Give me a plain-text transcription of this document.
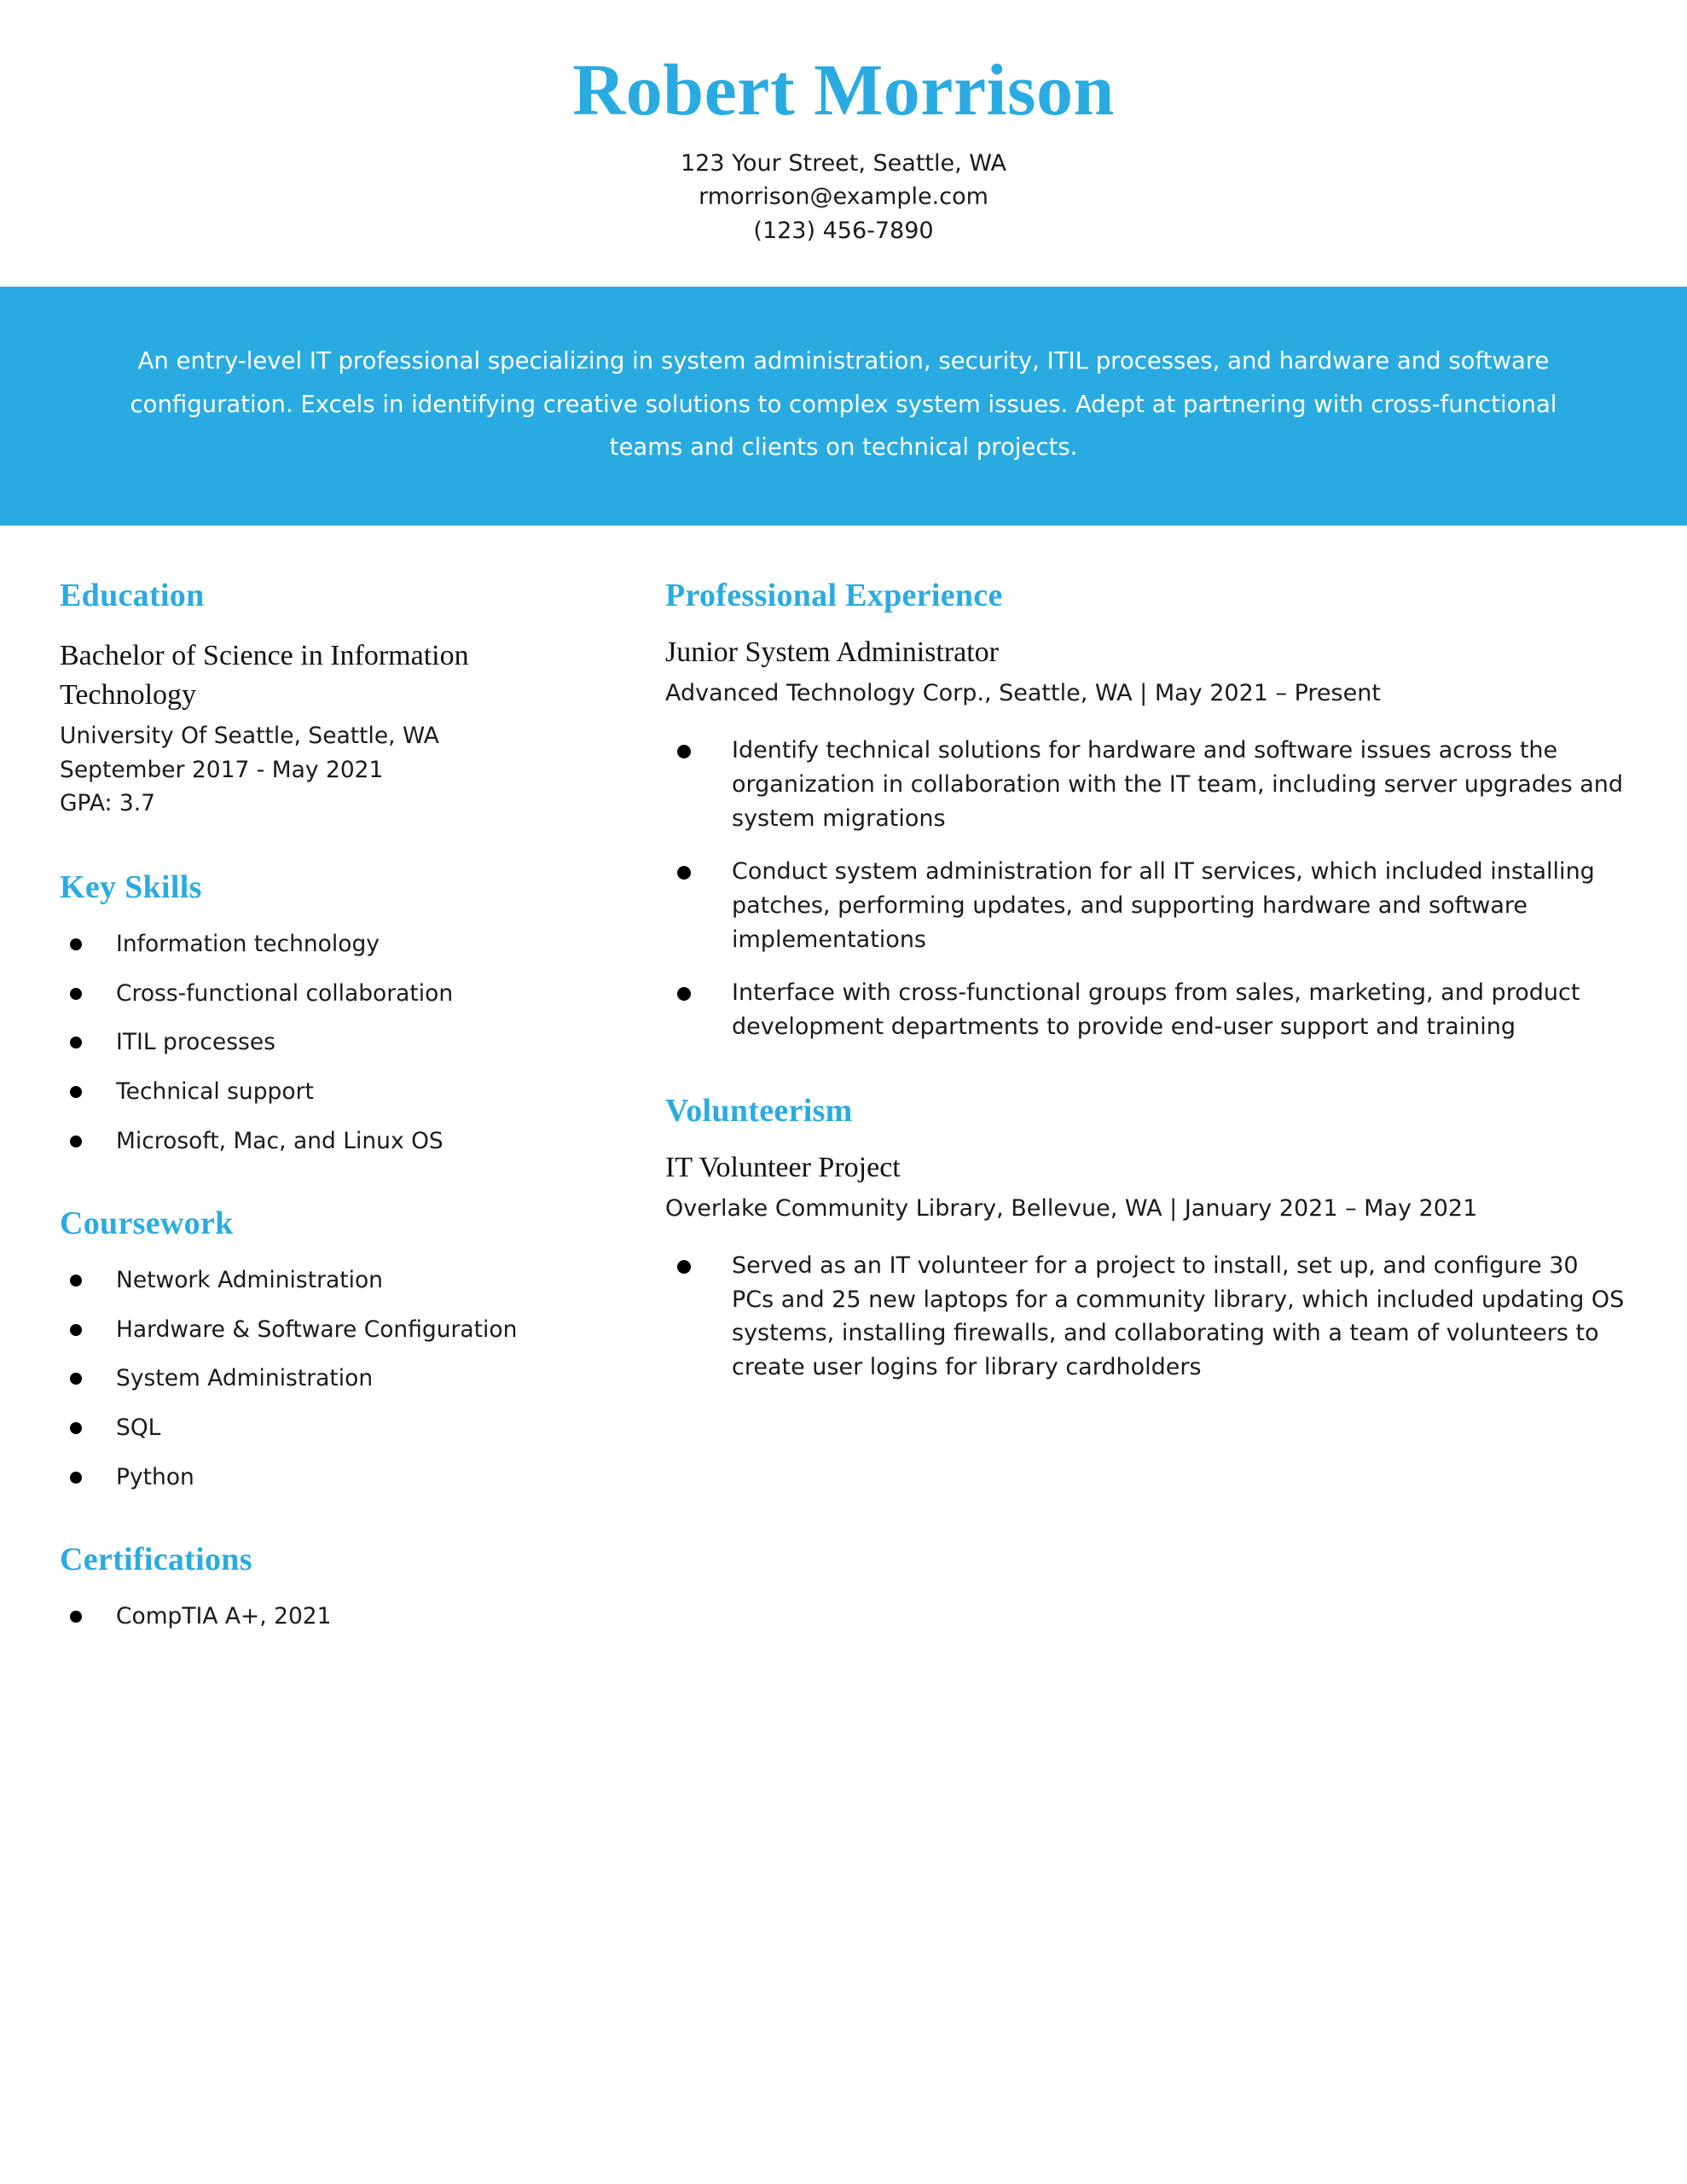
Robert Morrison
123 Your Street, Seattle, WA
rmorrison@example.com
(123) 456-7890
An entry-level IT professional specializing in system administration, security, ITIL processes, and hardware and software configuration. Excels in identifying creative solutions to complex system issues. Adept at partnering with cross-functional teams and clients on technical projects.
Education
Bachelor of Science in Information Technology
University Of Seattle, Seattle, WA
September 2017 - May 2021
GPA: 3.7
Key Skills
Information technology
Cross-functional collaboration
ITIL processes
Technical support
Microsoft, Mac, and Linux OS
Coursework
Network Administration
Hardware & Software Configuration
System Administration
SQL
Python
Certifications
CompTIA A+, 2021
Professional Experience
Junior System Administrator
Advanced Technology Corp., Seattle, WA | May 2021 – Present
Identify technical solutions for hardware and software issues across the organization in collaboration with the IT team, including server upgrades and system migrations
Conduct system administration for all IT services, which included installing patches, performing updates, and supporting hardware and software implementations
Interface with cross-functional groups from sales, marketing, and product development departments to provide end-user support and training
Volunteerism
IT Volunteer Project
Overlake Community Library, Bellevue, WA | January 2021 – May 2021
Served as an IT volunteer for a project to install, set up, and configure 30 PCs and 25 new laptops for a community library, which included updating OS systems, installing firewalls, and collaborating with a team of volunteers to create user logins for library cardholders
